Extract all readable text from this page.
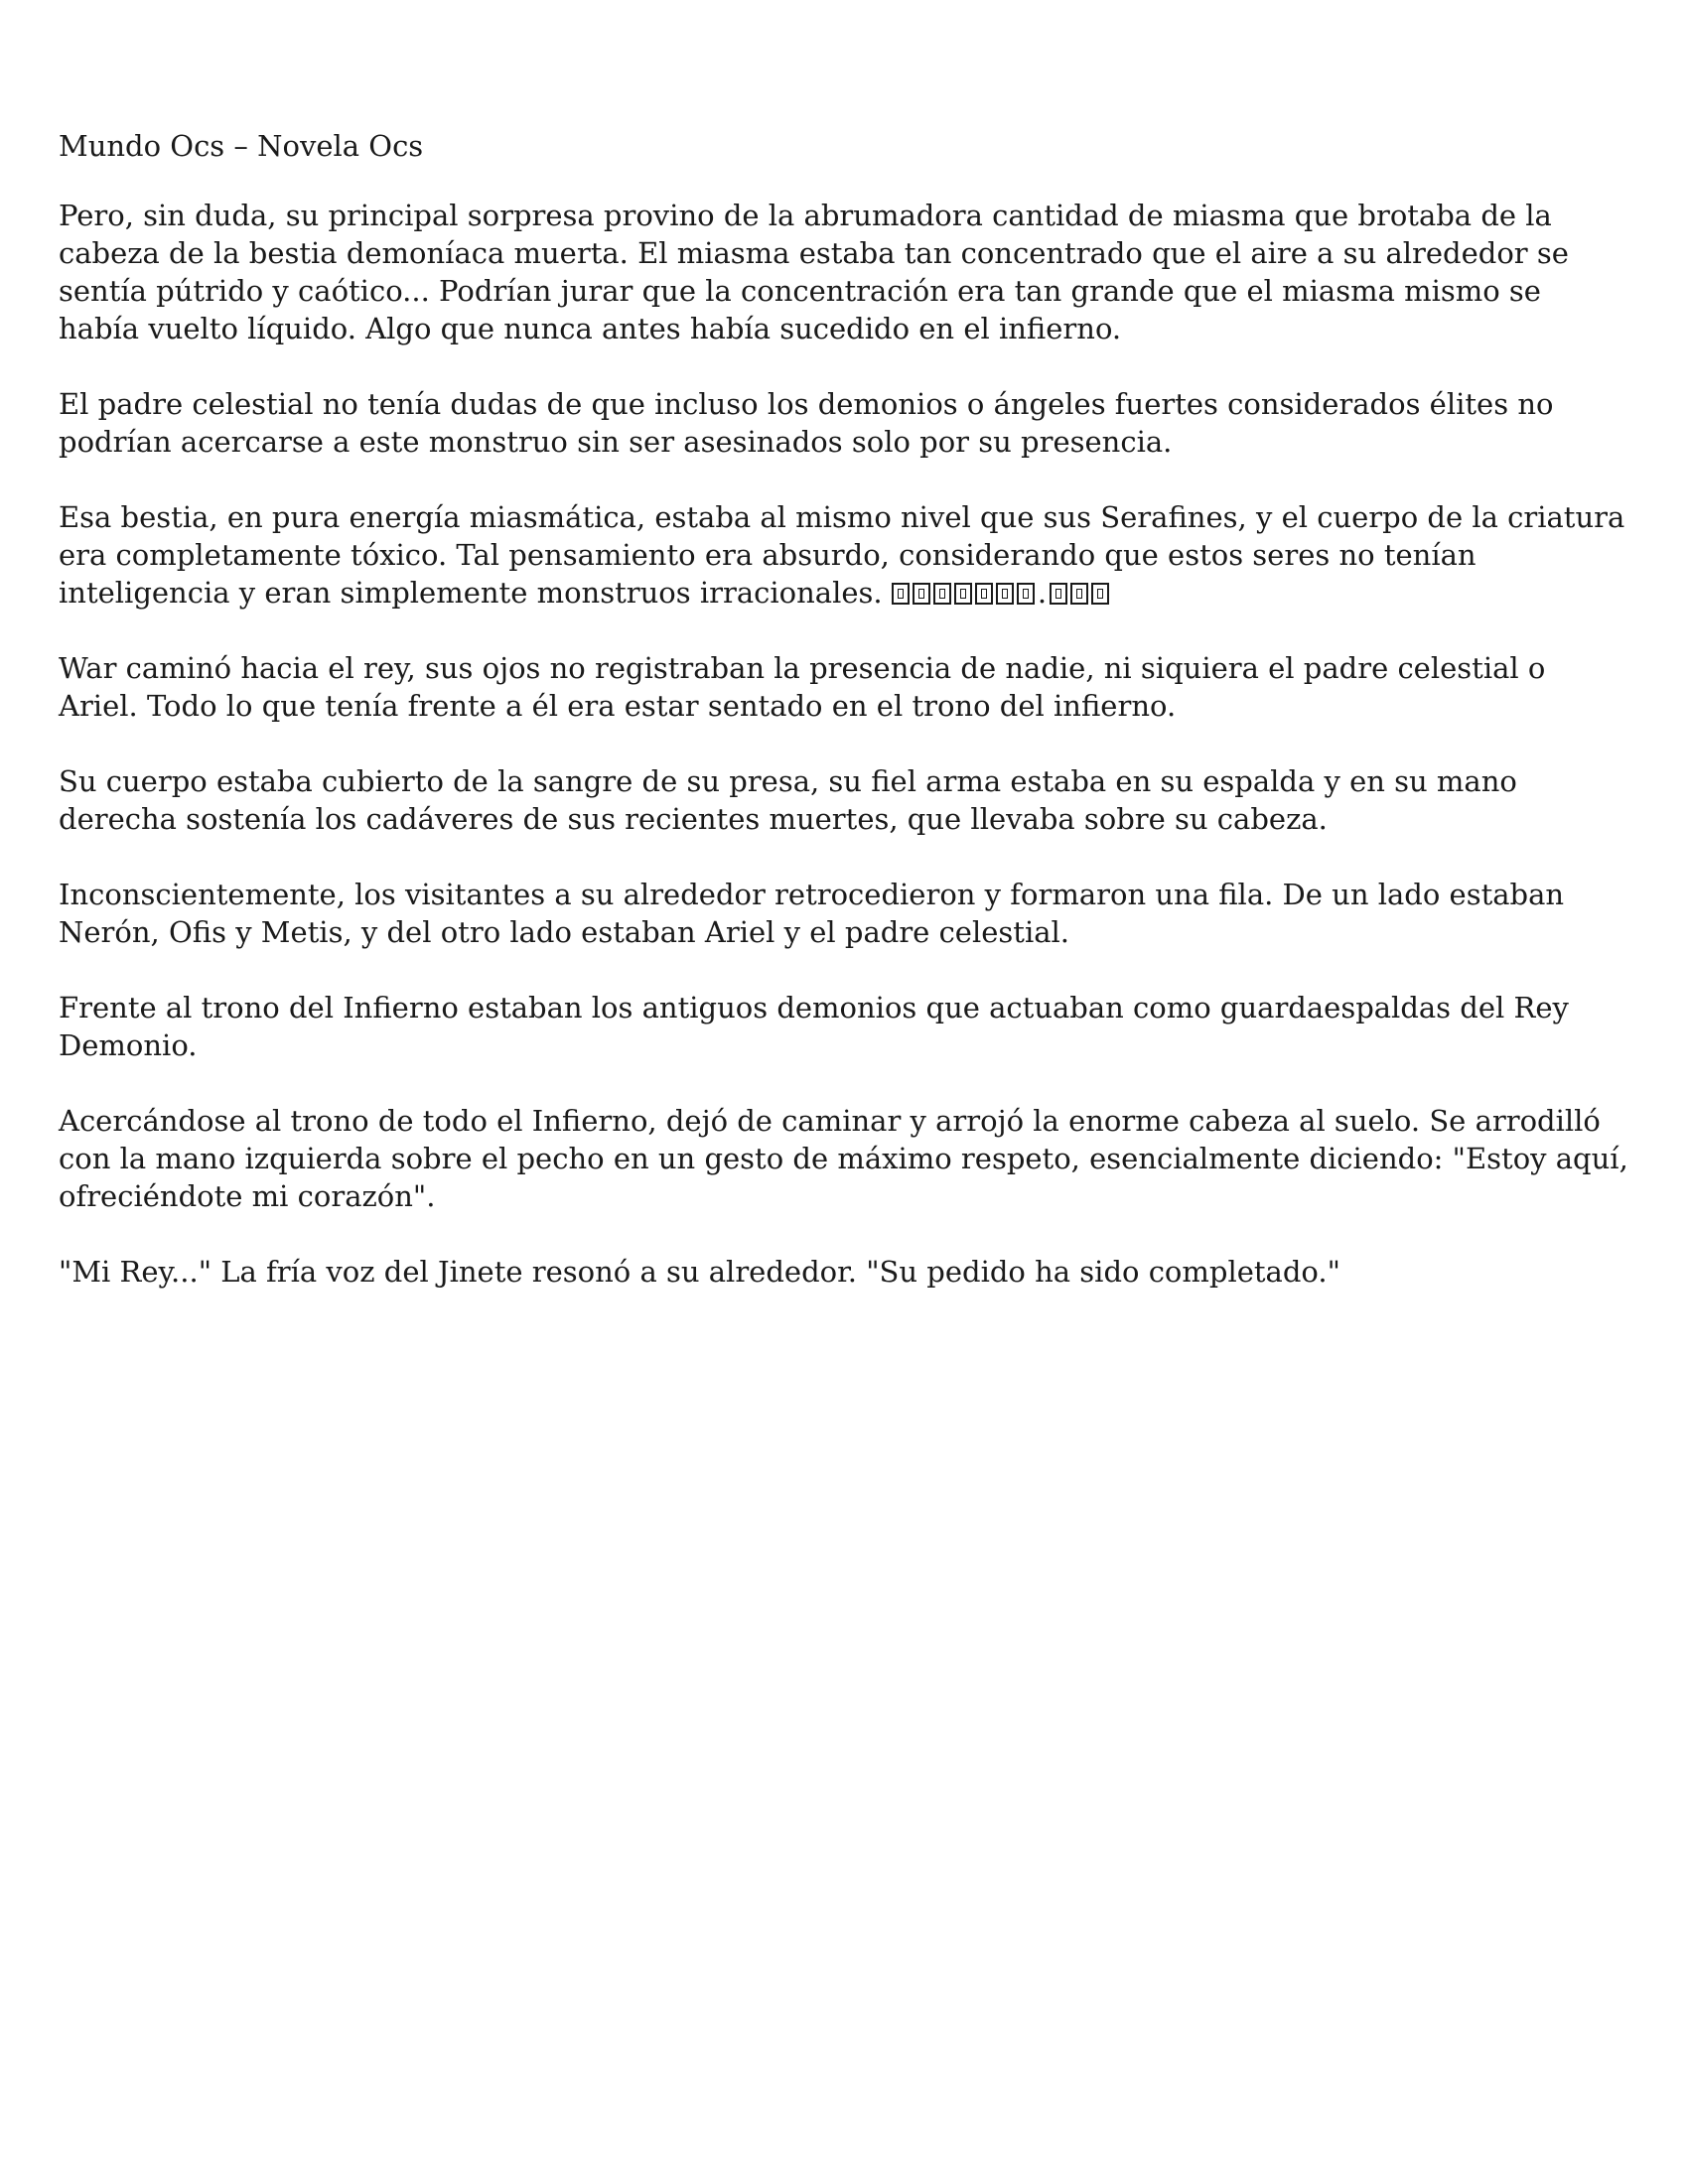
Mundo Ocs – Novela Ocs

Pero, sin duda, su principal sorpresa provino de la abrumadora cantidad de miasma que brotaba de la cabeza de la bestia demoníaca muerta. El miasma estaba tan concentrado que el aire a su alrededor se sentía pútrido y caótico... Podrían jurar que la concentración era tan grande que el miasma mismo se había vuelto líquido. Algo que nunca antes había sucedido en el infierno.

El padre celestial no tenía dudas de que incluso los demonios o ángeles fuertes considerados élites no podrían acercarse a este monstruo sin ser asesinados solo por su presencia.

Esa bestia, en pura energía miasmática, estaba al mismo nivel que sus Serafines, y el cuerpo de la criatura era completamente tóxico. Tal pensamiento era absurdo, considerando que estos seres no tenían inteligencia y eran simplemente monstruos irracionales.	.

War caminó hacia el rey, sus ojos no registraban la presencia de nadie, ni siquiera el padre celestial o Ariel. Todo lo que tenía frente a él era estar sentado en el trono del infierno.

Su cuerpo estaba cubierto de la sangre de su presa, su fiel arma estaba en su espalda y en su mano derecha sostenía los cadáveres de sus recientes muertes, que llevaba sobre su cabeza.

Inconscientemente, los visitantes a su alrededor retrocedieron y formaron una fila. De un lado estaban Nerón, Ofis y Metis, y del otro lado estaban Ariel y el padre celestial.

Frente al trono del Infierno estaban los antiguos demonios que actuaban como guardaespaldas del Rey Demonio.

Acercándose al trono de todo el Infierno, dejó de caminar y arrojó la enorme cabeza al suelo. Se arrodilló con la mano izquierda sobre el pecho en un gesto de máximo respeto, esencialmente diciendo: "Estoy aquí, ofreciéndote mi corazón".

"Mi Rey..." La fría voz del Jinete resonó a su alrededor. "Su pedido ha sido completado."
